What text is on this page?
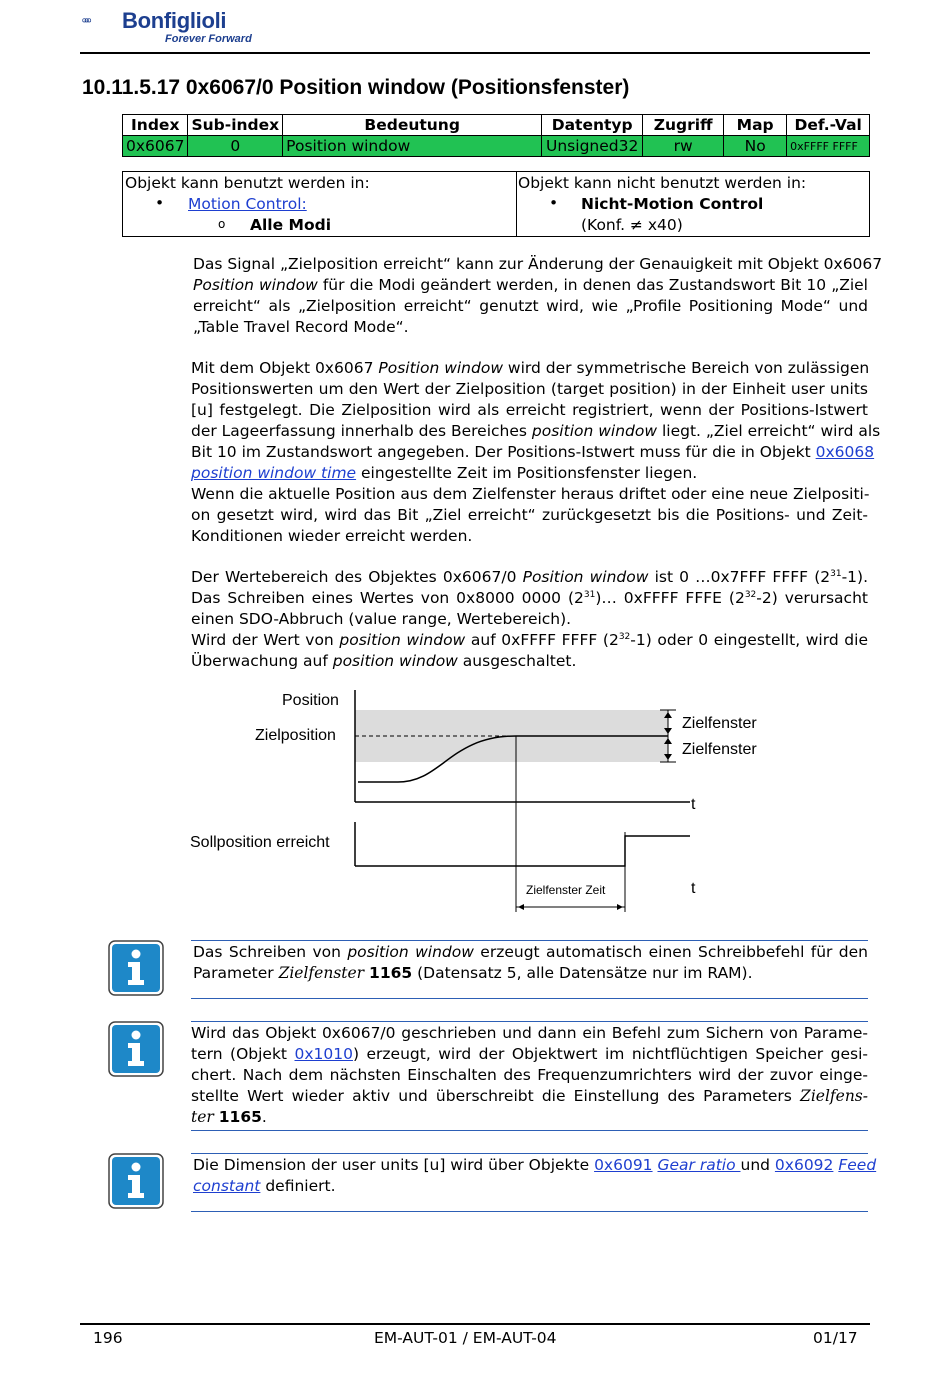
Bonfiglioli
Forever Forward
10.11.5.17 0x6067/0 Position window (Positionsfenster)
Index	Sub-index	Bedeutung	Datentyp	Zugriff	Map	Def.-Val
0x6067	0	Position window	Unsigned32	rw	No	0xFFFF FFFF
Objekt kann benutzt werden in:
• Motion Control:
o Alle Modi
Objekt kann nicht benutzt werden in:
• Nicht-Motion Control
(Konf. ≠ x40)
Das Signal „Zielposition erreicht“ kann zur Änderung der Genauigkeit mit Objekt 0x6067
Position window für die Modi geändert werden, in denen das Zustandswort Bit 10 „Ziel
erreicht“ als „Zielposition erreicht“ genutzt wird, wie „Profile Positioning Mode“ und
„Table Travel Record Mode“.
Mit dem Objekt 0x6067 Position window wird der symmetrische Bereich von zulässigen
Positionswerten um den Wert der Zielposition (target position) in der Einheit user units
[u] festgelegt. Die Zielposition wird als erreicht registriert, wenn der Positions-Istwert
der Lageerfassung innerhalb des Bereiches position window liegt. „Ziel erreicht“ wird als
Bit 10 im Zustandswort angegeben. Der Positions-Istwert muss für die in Objekt 0x6068
position window time eingestellte Zeit im Positionsfenster liegen.
Wenn die aktuelle Position aus dem Zielfenster heraus driftet oder eine neue Zielpositi-
on gesetzt wird, wird das Bit „Ziel erreicht“ zurückgesetzt bis die Positions- und Zeit-
Konditionen wieder erreicht werden.
Der Wertebereich des Objektes 0x6067/0 Position window ist 0 …0x7FFF FFFF $(2^{31}-1)$.
Das Schreiben eines Wertes von 0x8000 0000 $(2^{31})\dots$ 0xFFFF FFFE $(2^{32}-2)$ verursacht
einen SDO-Abbruch (value range, Wertebereich).
Wird der Wert von position window auf 0xFFFF FFFF $(2^{32}-1)$ oder 0 eingestellt, wird die
Überwachung auf position window ausgeschaltet.
Position
Zielposition
Zielfenster
Zielfenster
t
Sollposition erreicht
Zielfenster Zeit	t
Das Schreiben von position window erzeugt automatisch einen Schreibbefehl für den
Parameter Zielfenster 1165 (Datensatz 5, alle Datensätze nur im RAM).
Wird das Objekt 0x6067/0 geschrieben und dann ein Befehl zum Sichern von Parame-
tern (Objekt 0x1010) erzeugt, wird der Objektwert im nichtflüchtigen Speicher gesi-
chert. Nach dem nächsten Einschalten des Frequenzumrichters wird der zuvor einge-
stellte Wert wieder aktiv und überschreibt die Einstellung des Parameters Zielfens-
ter 1165.
Die Dimension der user units [u] wird über Objekte 0x6091 Gear ratio und 0x6092 Feed
constant definiert.
196	EM-AUT-01 / EM-AUT-04	01/17
